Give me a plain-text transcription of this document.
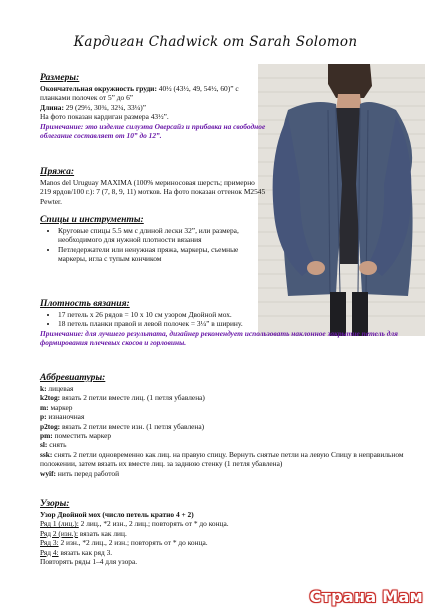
Кардиган Chadwick от Sarah Solomon

Размеры:

Окончательная окружность груди: 40½ (43½, 49, 54½, 60)” с планками полочек от 5” до 6”

Длина: 29 (29½, 30¾, 32¼, 33¼)”

На фото показан кардиган размера 43½”.

Примечание: это изделие силуэта Оверсайз и прибавка на свободное облегание составляет от 10” до 12”.

Пряжа:

Manos del Uruguay MAXIMA (100% мериносовая шерсть; примерно 219 ярдов/100 г.): 7 (7, 8, 9, 11) мотков. На фото показан оттенок M2545 Pewter.

Спицы и инструменты:

• Круговые спицы 5.5 мм с длиной лески 32”, или размера, необходимого для нужной плотности вязания
• Петледержатели или ненужная пряжа, маркеры, съемные маркеры, игла с тупым кончиком

Плотность вязания:

• 17 петель х 26 рядов = 10 х 10 см узором Двойной мох.
• 18 петель планки правой и левой полочек = 3¼” в ширину.

Примечание: для лучшего результата, дизайнер рекомендует использовать наклонное закрытие петель для формирования плечевых скосов и горловины.

Аббревиатуры:

k: лицевая

k2tog: вязать 2 петли вместе лиц. (1 петля убавлена)

m: маркер

p: изнаночная

p2tog: вязать 2 петли вместе изн. (1 петля убавлена)

pm: поместить маркер

sl: снять

ssk: снять 2 петли одновременно как лиц. на правую спицу. Вернуть снятые петли на левую Спицу в неправильном положении, затем вязать их вместе лиц. за заднюю стенку (1 петля убавлена)

wyif: нить перед работой

Узоры:

Узор Двойной мох (число петель кратно 4 + 2)

Ряд 1 (лиц.): 2 лиц., *2 изн., 2 лиц.; повторять от * до конца.

Ряд 2 (изн.): вязать как лиц.

Ряд 3: 2 изн., *2 лиц., 2 изн.; повторять от * до конца.

Ряд 4: вязать как ряд 3.

Повторять ряды 1–4 для узора.

Страна Мам
